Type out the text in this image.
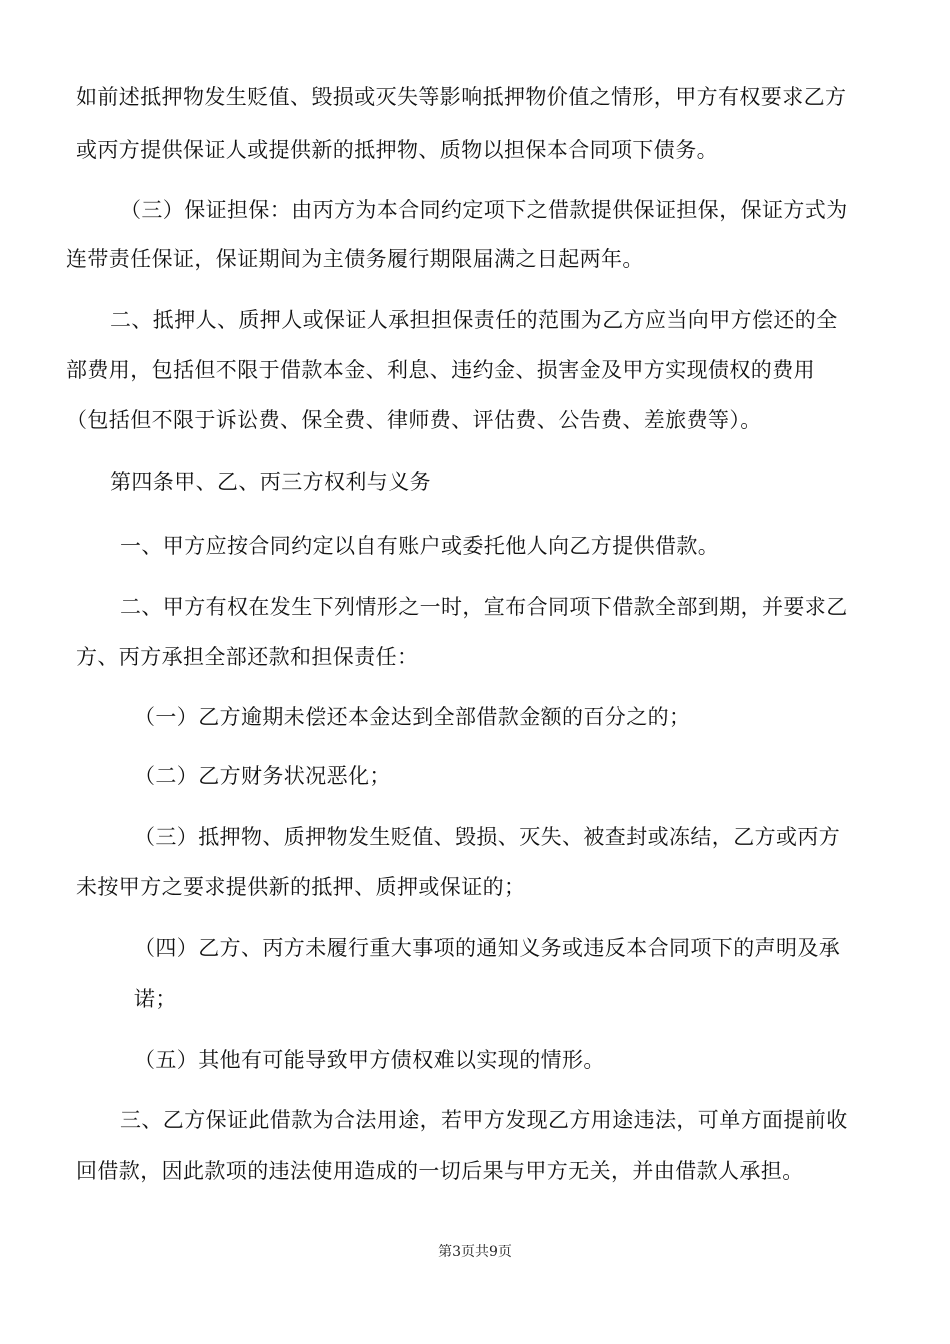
如前述抵押物发生贬值、毁损或灭失等影响抵押物价值之情形，甲方有权要求乙方
或丙方提供保证人或提供新的抵押物、质物以担保本合同项下债务。
（三）保证担保：由丙方为本合同约定项下之借款提供保证担保，保证方式为
连带责任保证，保证期间为主债务履行期限届满之日起两年。
二、抵押人、质押人或保证人承担担保责任的范围为乙方应当向甲方偿还的全
部费用，包括但不限于借款本金、利息、违约金、损害金及甲方实现债权的费用
（包括但不限于诉讼费、保全费、律师费、评估费、公告费、差旅费等）。
第四条甲、乙、丙三方权利与义务
一、甲方应按合同约定以自有账户或委托他人向乙方提供借款。
二、甲方有权在发生下列情形之一时，宣布合同项下借款全部到期，并要求乙
方、丙方承担全部还款和担保责任：
（一）乙方逾期未偿还本金达到全部借款金额的百分之的；
（二）乙方财务状况恶化；
（三）抵押物、质押物发生贬值、毁损、灭失、被查封或冻结，乙方或丙方
未按甲方之要求提供新的抵押、质押或保证的；
（四）乙方、丙方未履行重大事项的通知义务或违反本合同项下的声明及承
诺；
（五）其他有可能导致甲方债权难以实现的情形。
三、乙方保证此借款为合法用途，若甲方发现乙方用途违法，可单方面提前收
回借款，因此款项的违法使用造成的一切后果与甲方无关，并由借款人承担。
第3页共9页
